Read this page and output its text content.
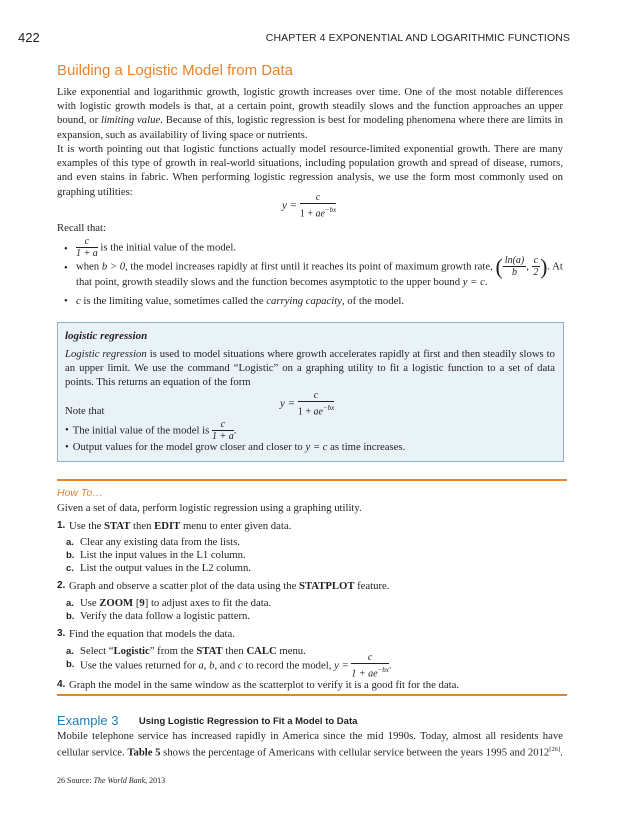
422	CHAPTER 4 EXPONENTIAL AND LOGARITHMIC FUNCTIONS
Building a Logistic Model from Data
Like exponential and logarithmic growth, logistic growth increases over time. One of the most notable differences with logistic growth models is that, at a certain point, growth steadily slows and the function approaches an upper bound, or limiting value. Because of this, logistic regression is best for modeling phenomena where there are limits in expansion, such as availability of living space or nutrients.
It is worth pointing out that logistic functions actually model resource-limited exponential growth. There are many examples of this type of growth in real-world situations, including population growth and spread of disease, rumors, and even stains in fabric. When performing logistic regression analysis, we use the form most commonly used on graphing utilities:
$y = \frac{c}{1 + ae^{-bx}}$
Recall that:
• $\frac{c}{1 + a}$ is the initial value of the model.
• when b > 0, the model increases rapidly at first until it reaches its point of maximum growth rate, ( $\frac{\ln(a)}{b}$ , $\frac{c}{2}$ ). At
that point, growth steadily slows and the function becomes asymptotic to the upper bound y = c.
• c is the limiting value, sometimes called the carrying capacity, of the model.
logistic regression
Logistic regression is used to model situations where growth accelerates rapidly at first and then steadily slows to an upper limit. We use the command “Logistic” on a graphing utility to fit a logistic function to a set of data points. This returns an equation of the form
$y = \frac{c}{1 + ae^{-bx}}$
Note that
• The initial value of the model is $\frac{c}{1 + a}$ .
• Output values for the model grow closer and closer to y = c as time increases.
How To…
Given a set of data, perform logistic regression using a graphing utility.
1. Use the STAT then EDIT menu to enter given data.
a. Clear any existing data from the lists.
b. List the input values in the L1 column.
c. List the output values in the L2 column.
2. Graph and observe a scatter plot of the data using the STATPLOT feature.
a. Use ZOOM [9] to adjust axes to fit the data.
b. Verify the data follow a logistic pattern.
3. Find the equation that models the data.
a. Select “Logistic” from the STAT then CALC menu.
b. Use the values returned for a, b, and c to record the model, $y = \frac{c}{1 + ae^{-bx}}$ .
4. Graph the model in the same window as the scatterplot to verify it is a good fit for the data.
Example 3 Using Logistic Regression to Fit a Model to Data
Mobile telephone service has increased rapidly in America since the mid 1990s. Today, almost all residents have cellular service. Table 5 shows the percentage of Americans with cellular service between the years 1995 and 2012[26].
26 Source: The World Bank, 2013
